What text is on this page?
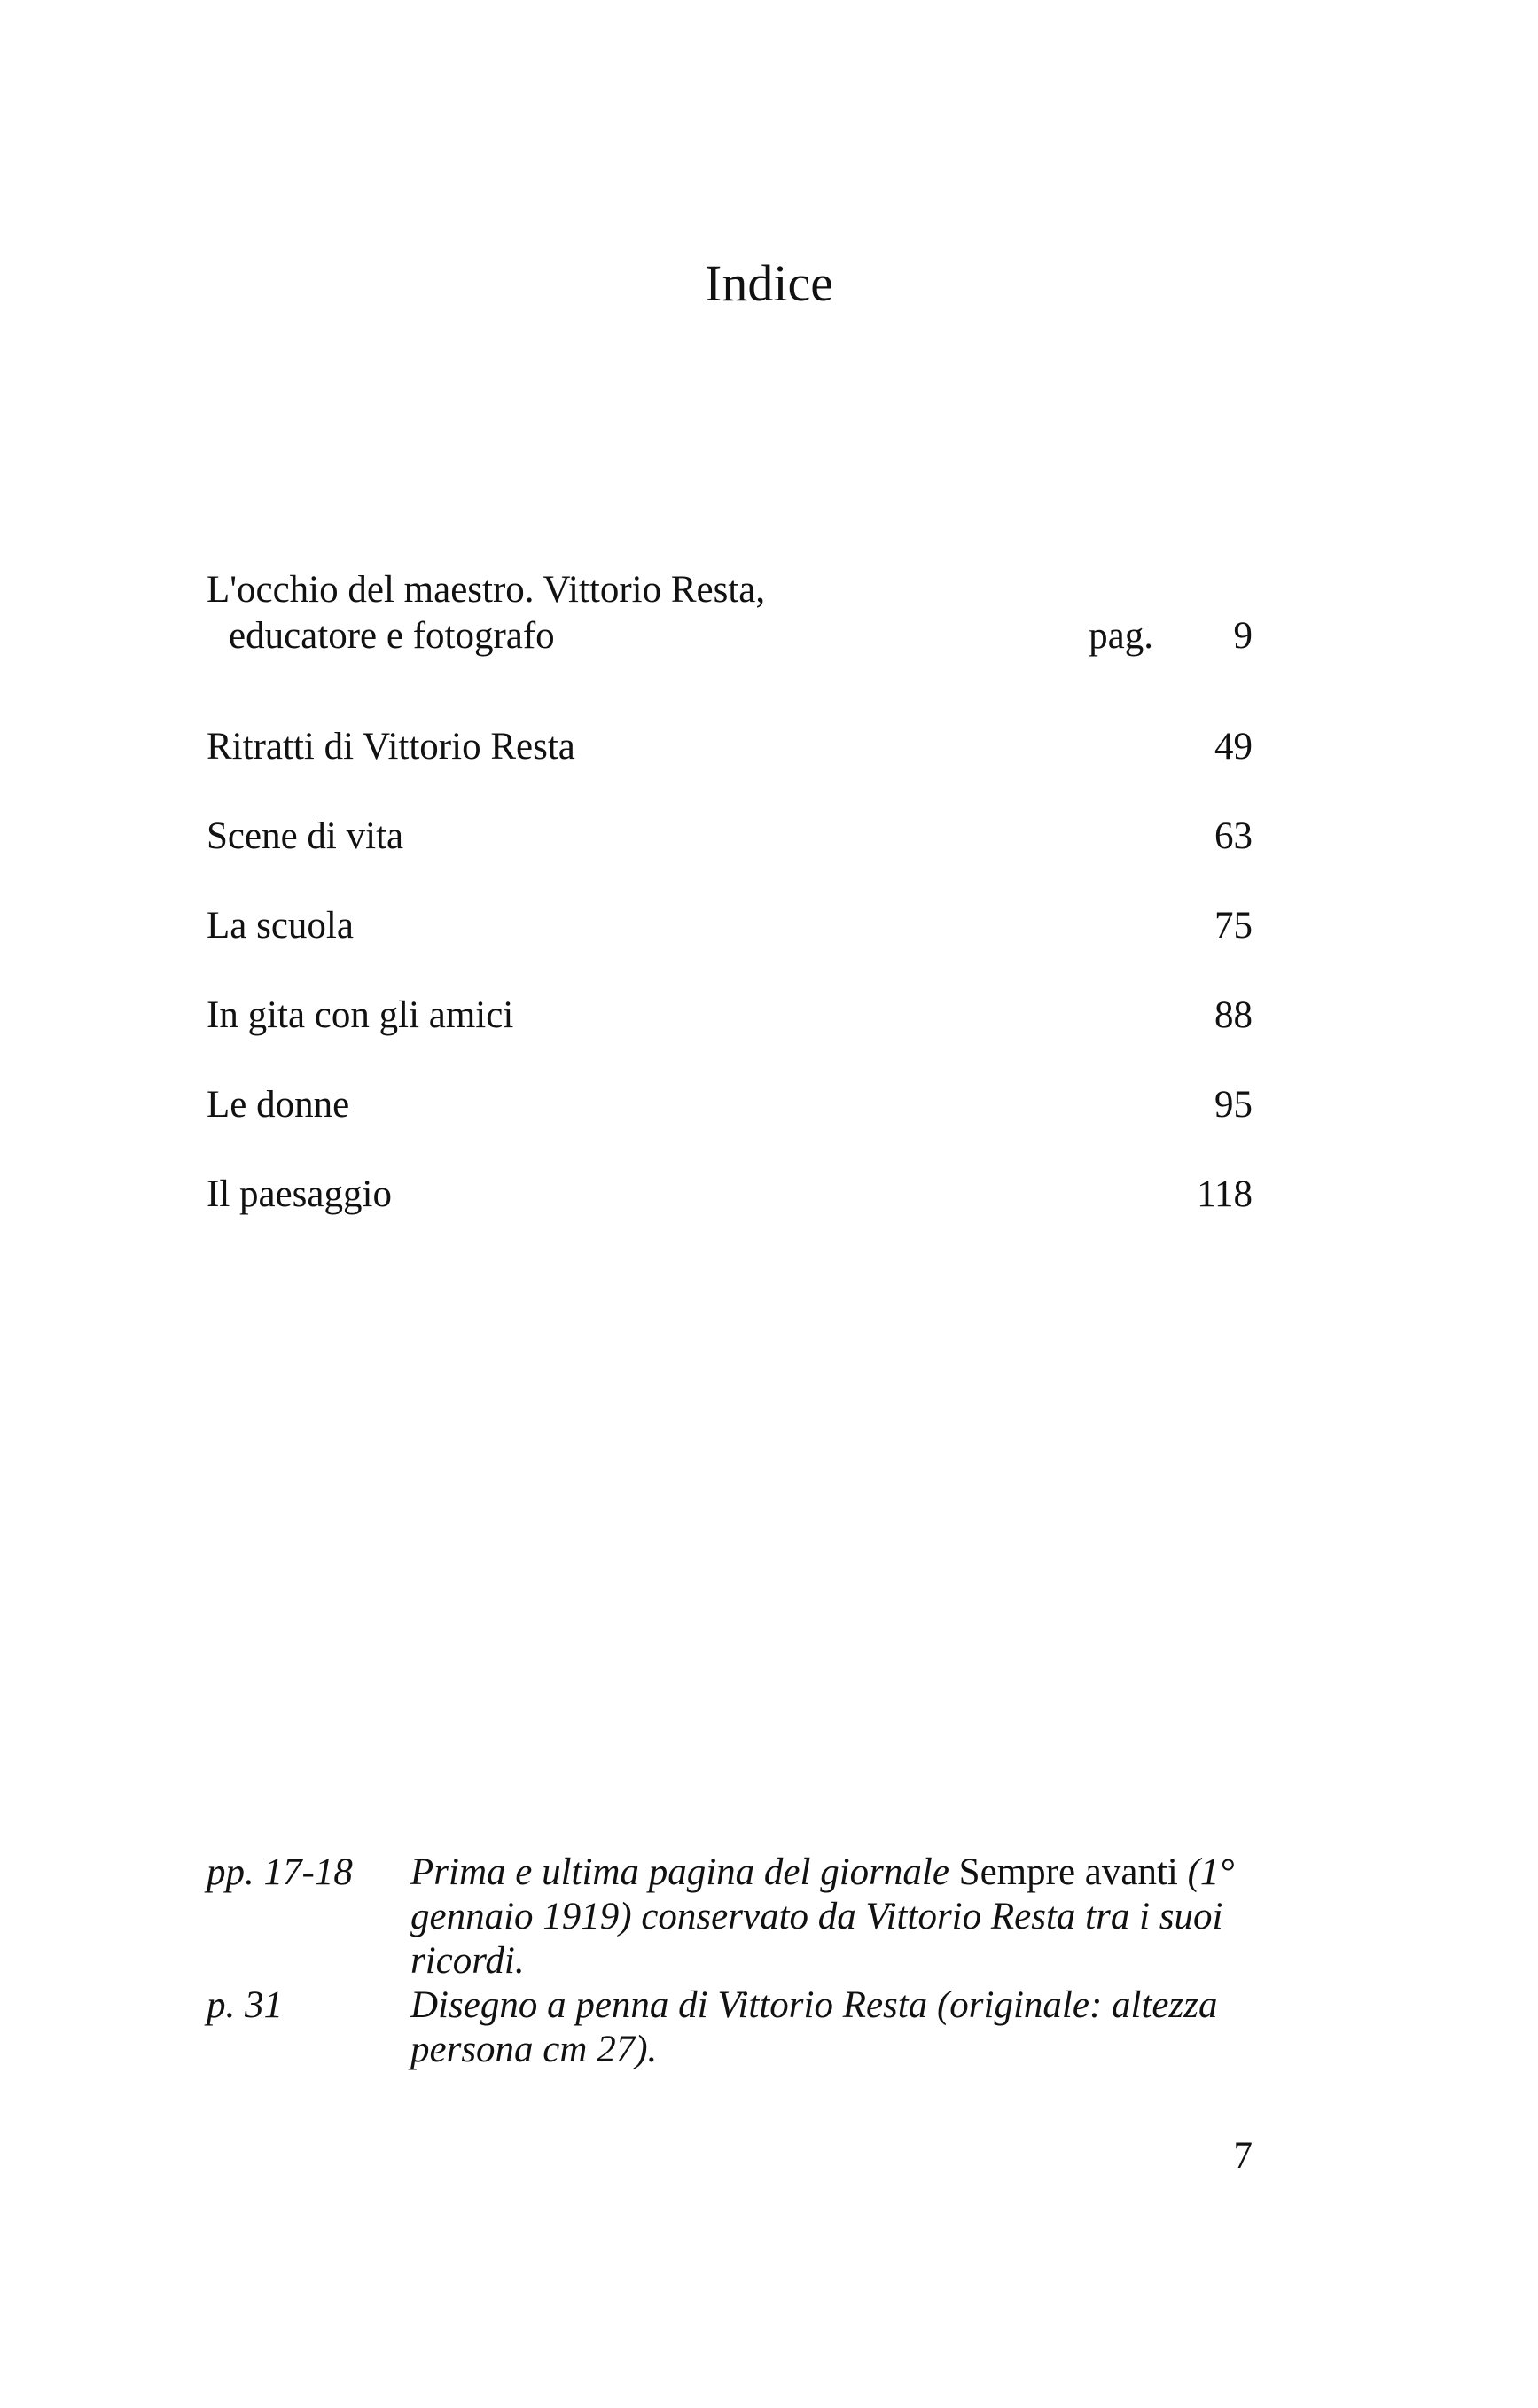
Indice
L'occhio del maestro. Vittorio Resta,
educatore e fotografo	pag. 9
Ritratti di Vittorio Resta	49
Scene di vita	63
La scuola	75
In gita con gli amici	88
Le donne	95
Il paesaggio	118
pp. 17-18	Prima e ultima pagina del giornale Sempre avanti (1° gennaio 1919) conservato da Vittorio Resta tra i suoi ricordi.
p. 31	Disegno a penna di Vittorio Resta (originale: altezza persona cm 27).
7
